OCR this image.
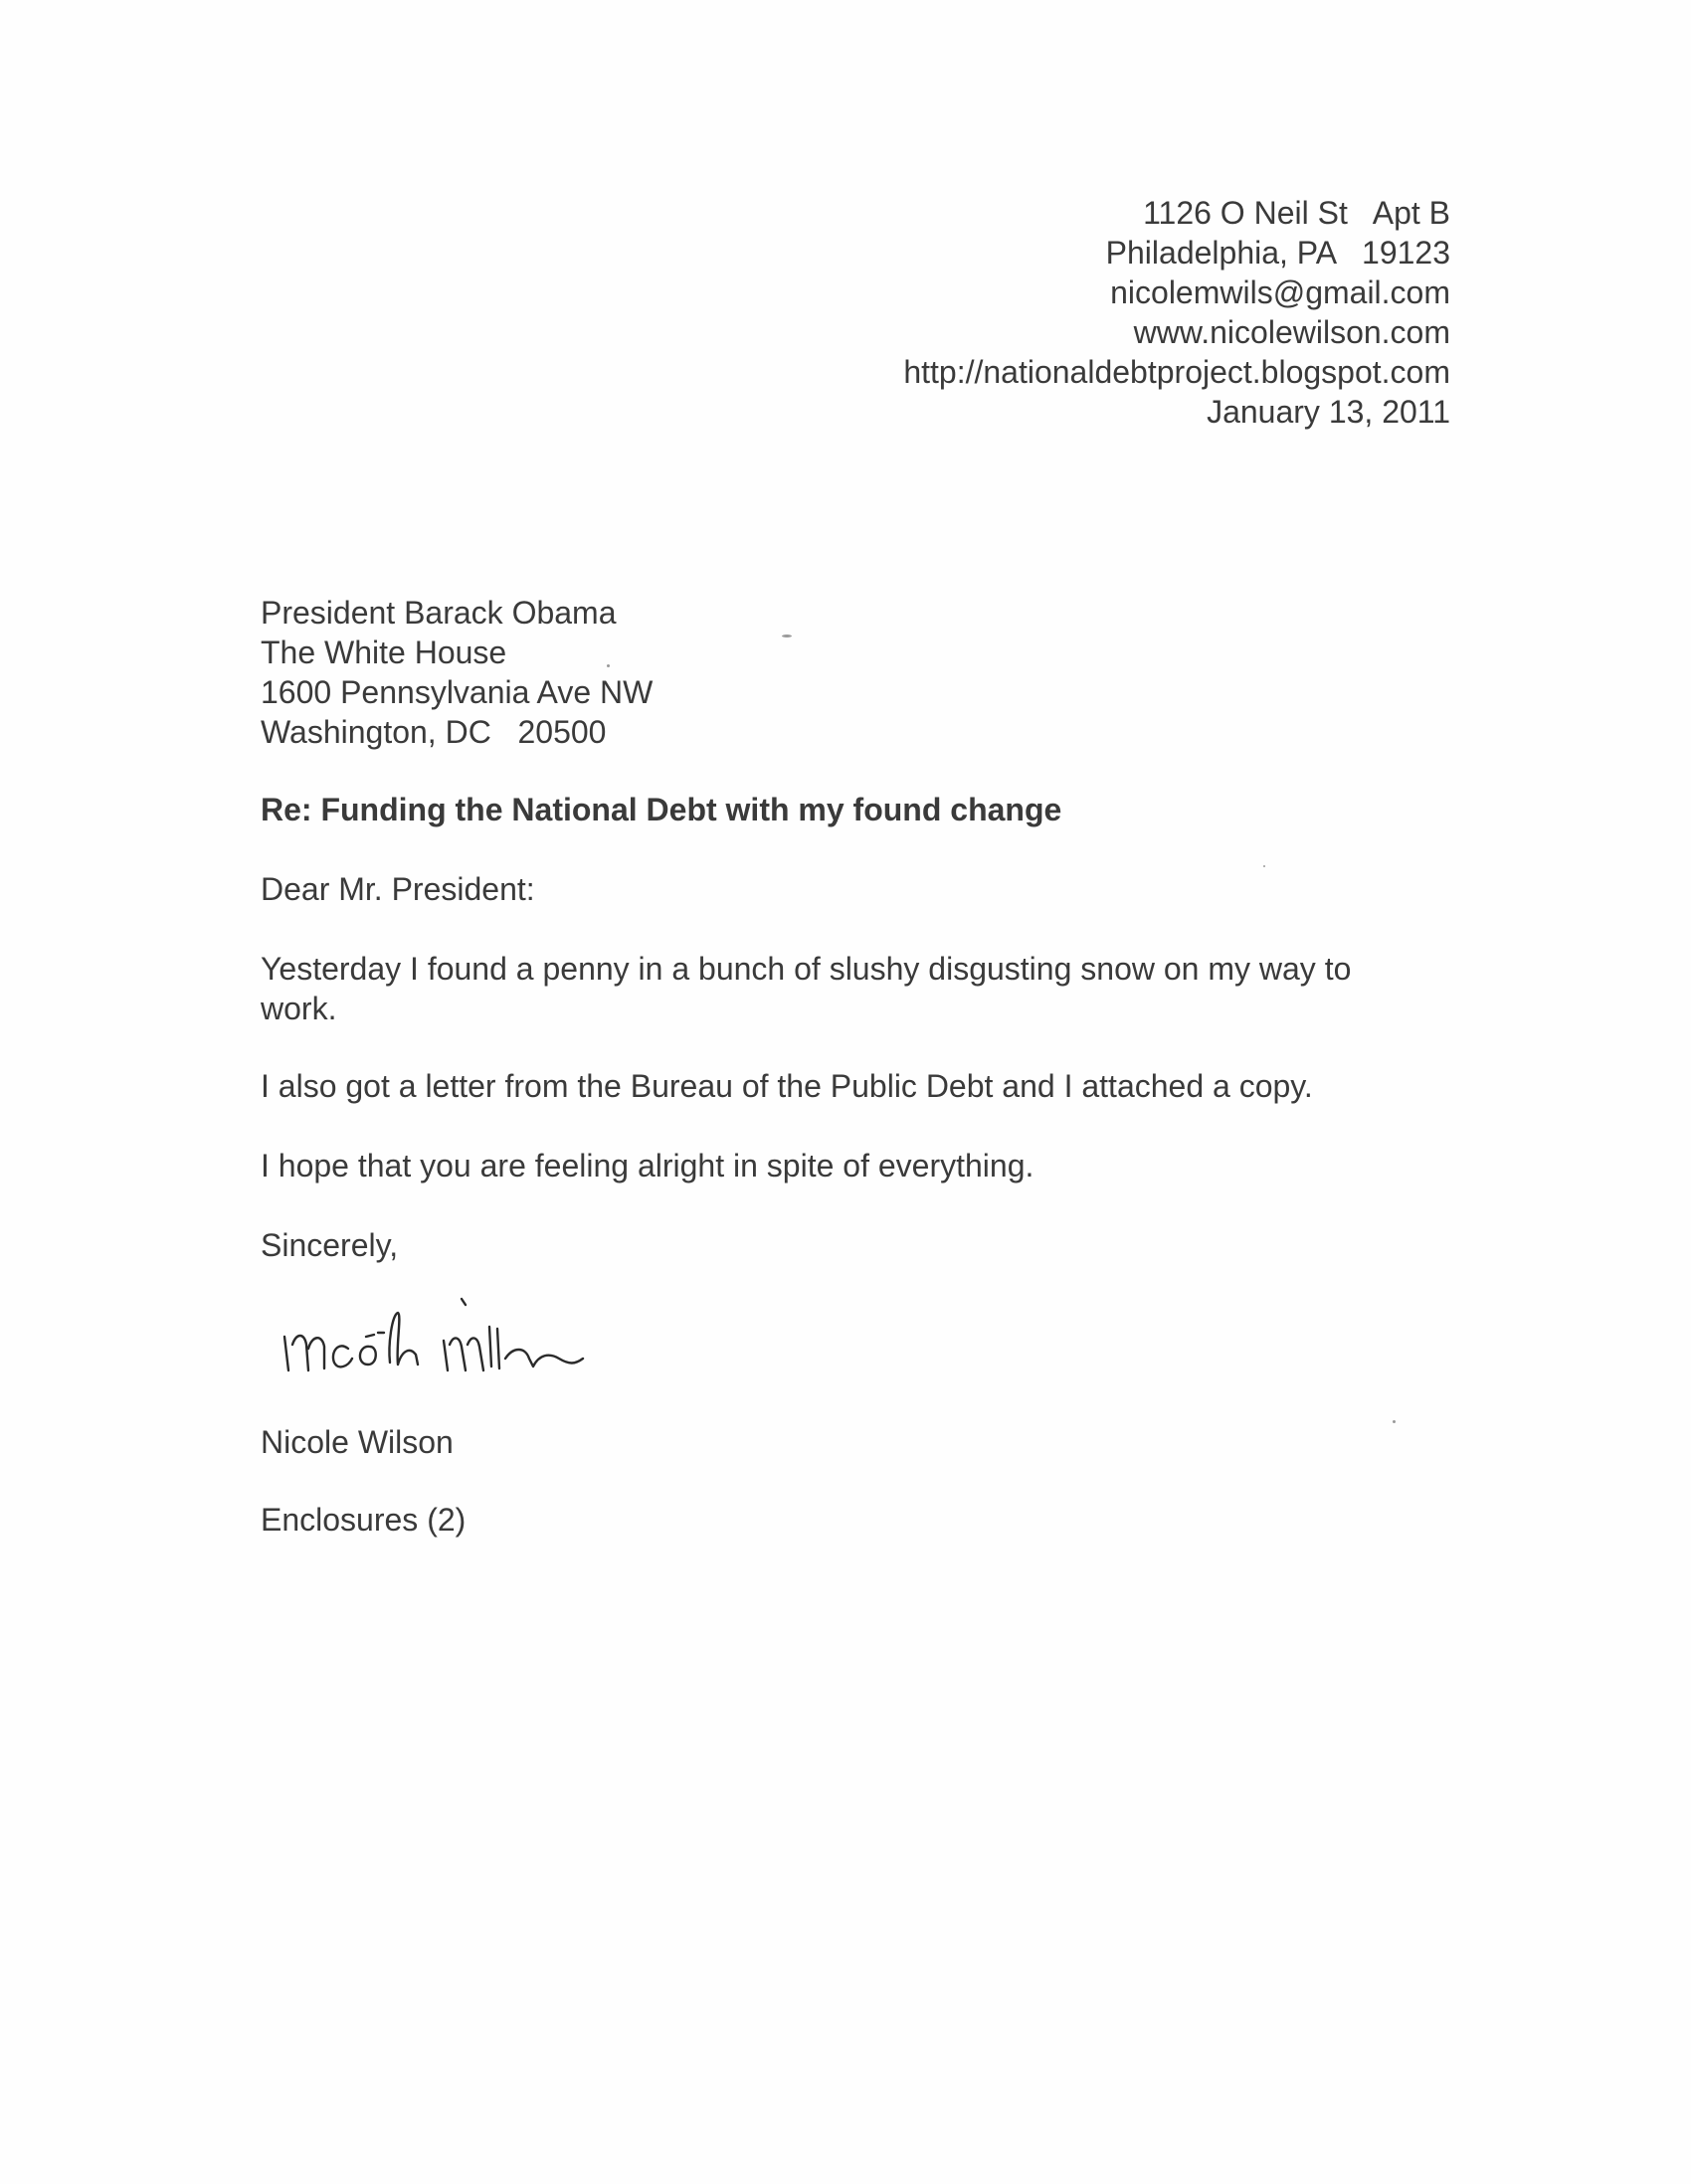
1126 O Neil St   Apt B
Philadelphia, PA   19123
nicolemwils@gmail.com
www.nicolewilson.com
http://nationaldebtproject.blogspot.com
January 13, 2011
President Barack Obama
The White House
1600 Pennsylvania Ave NW
Washington, DC   20500
Re: Funding the National Debt with my found change
Dear Mr. President:
Yesterday I found a penny in a bunch of slushy disgusting snow on my way to work.
I also got a letter from the Bureau of the Public Debt and I attached a copy.
I hope that you are feeling alright in spite of everything.
Sincerely,
Nicole Wilson
Enclosures (2)
